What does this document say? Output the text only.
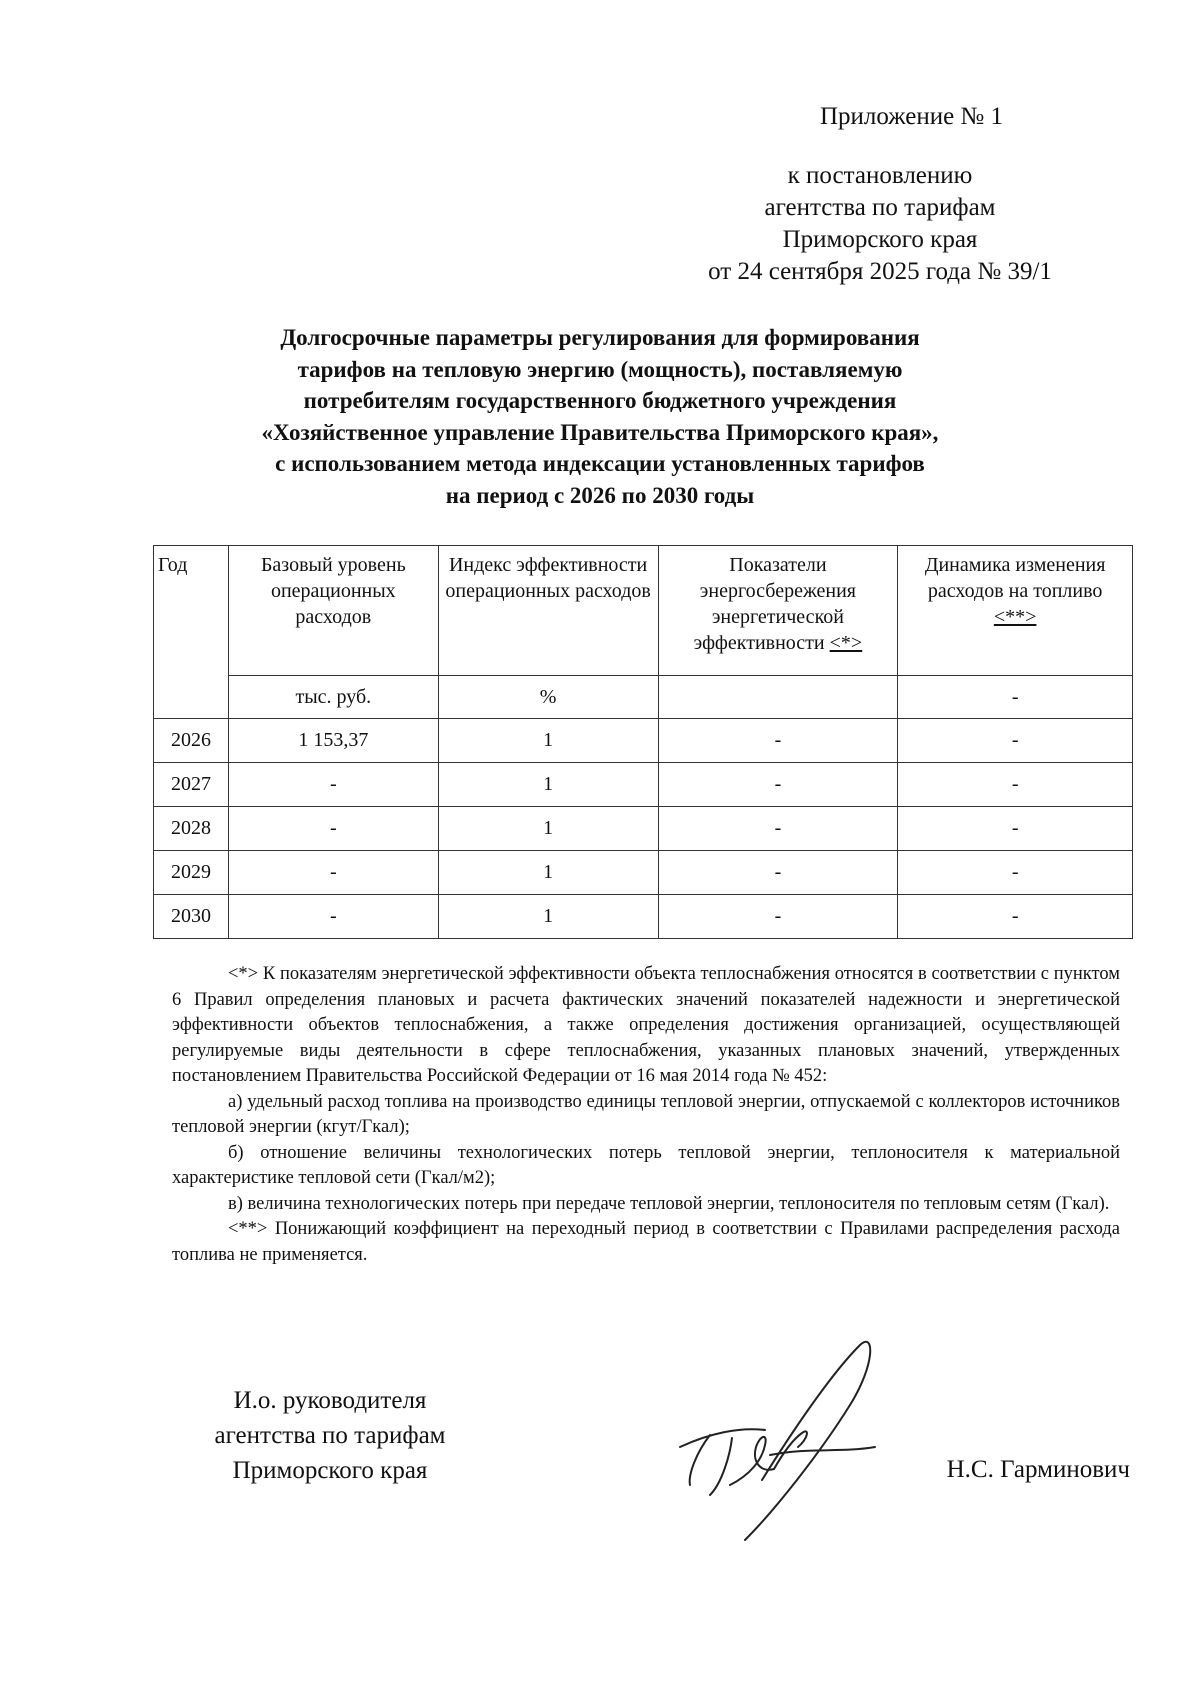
Приложение № 1
к постановлению
агентства по тарифам
Приморского края
от 24 сентября 2025 года № 39/1
Долгосрочные параметры регулирования для формирования
тарифов на тепловую энергию (мощность), поставляемую
потребителям государственного бюджетного учреждения
«Хозяйственное управление Правительства Приморского края»,
с использованием метода индексации установленных тарифов
на период с 2026 по 2030 годы
Год	Базовый уровень операционных расходов	Индекс эффективности операционных расходов	Показатели энергосбережения энергетической эффективности <*>	Динамика изменения расходов на топливо
<**>
	тыс. руб.	%		-
2026	1 153,37	1	-	-
2027	-	1	-	-
2028	-	1	-	-
2029	-	1	-	-
2030	-	1	-	-

<*> К показателям энергетической эффективности объекта теплоснабжения относятся в соответствии с пунктом 6 Правил определения плановых и расчета фактических значений показателей надежности и энергетической эффективности объектов теплоснабжения, а также определения достижения организацией, осуществляющей регулируемые виды деятельности в сфере теплоснабжения, указанных плановых значений, утвержденных постановлением Правительства Российской Федерации от 16 мая 2014 года № 452:

а) удельный расход топлива на производство единицы тепловой энергии, отпускаемой с коллекторов источников тепловой энергии (кгут/Гкал);

б) отношение величины технологических потерь тепловой энергии, теплоносителя к материальной характеристике тепловой сети (Гкал/м2);

в) величина технологических потерь при передаче тепловой энергии, теплоносителя по тепловым сетям (Гкал).

<**> Понижающий коэффициент на переходный период в соответствии с Правилами распределения расхода топлива не применяется.

И.о. руководителя
агентства по тарифам
Приморского края	Н.С. Гарминович
